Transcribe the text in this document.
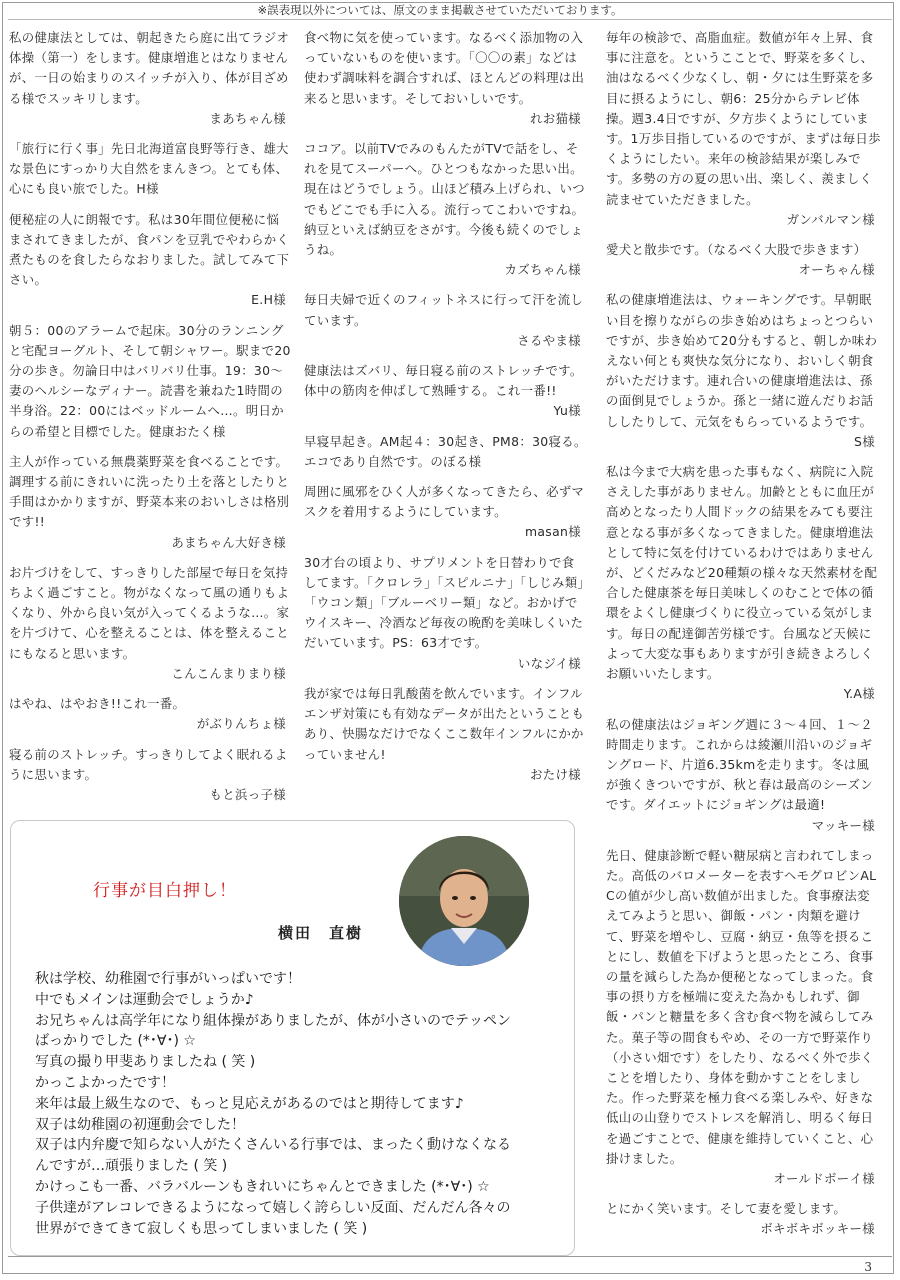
※誤表現以外については、原文のまま掲載させていただいております。
私の健康法としては、朝起きたら庭に出てラジオ体操（第一）をします。健康増進とはなりませんが、一日の始まりのスイッチが入り、体が目ざめる様でスッキリします。
まあちゃん様
「旅行に行く事」先日北海道富良野等行き、雄大な景色にすっかり大自然をまんきつ。とても体、心にも良い旅でした。H様
便秘症の人に朗報です。私は30年間位便秘に悩まされてきましたが、食パンを豆乳でやわらかく煮たものを食したらなおりました。試してみて下さい。
E.H様
朝５：00のアラームで起床。30分のランニングと宅配ヨーグルト、そして朝シャワー。駅まで20分の歩き。勿論日中はバリバリ仕事。19：30〜妻のヘルシーなディナー。読書を兼ねた1時間の半身浴。22：00にはベッドルームへ…。明日からの希望と目標でした。健康おたく様
主人が作っている無農薬野菜を食べることです。調理する前にきれいに洗ったり土を落としたりと手間はかかりますが、野菜本来のおいしさは格別です!!
あまちゃん大好き様
お片づけをして、すっきりした部屋で毎日を気持ちよく過ごすこと。物がなくなって風の通りもよくなり、外から良い気が入ってくるような…。家を片づけて、心を整えることは、体を整えることにもなると思います。
こんこんまりまり様
はやね、はやおき!!これ一番。
がぶりんちょ様
寝る前のストレッチ。すっきりしてよく眠れるように思います。
もと浜っ子様
食べ物に気を使っています。なるべく添加物の入っていないものを使います。「〇〇の素」などは使わず調味料を調合すれば、ほとんどの料理は出来ると思います。そしておいしいです。
れお猫様
ココア。以前TVでみのもんたがTVで話をし、それを見てスーパーへ。ひとつもなかった思い出。現在はどうでしょう。山ほど積み上げられ、いつでもどこでも手に入る。流行ってこわいですね。納豆といえば納豆をさがす。今後も続くのでしょうね。
カズちゃん様
毎日夫婦で近くのフィットネスに行って汗を流しています。
さるやま様
健康法はズバリ、毎日寝る前のストレッチです。体中の筋肉を伸ばして熟睡する。これ一番!!
Yu様
早寝早起き。AM起４：30起き、PM8：30寝る。エコであり自然です。のぼる様
周囲に風邪をひく人が多くなってきたら、必ずマスクを着用するようにしています。
masan様
30才台の頃より、サプリメントを日替わりで食してます。「クロレラ」「スピルニナ」「しじみ類」「ウコン類」「ブルーベリー類」など。おかげでウイスキー、冷酒など毎夜の晩酌を美味しくいただいています。PS：63才です。
いなジイ様
我が家では毎日乳酸菌を飲んでいます。インフルエンザ対策にも有効なデータが出たということもあり、快腸なだけでなくここ数年インフルにかかっていません!
おたけ様
毎年の検診で、高脂血症。数値が年々上昇、食事に注意を。というこことで、野菜を多くし、油はなるべく少なくし、朝・夕には生野菜を多目に摂るようにし、朝6：25分からテレビ体操。週3.4日ですが、夕方歩くようにしています。1万歩目指しているのですが、まずは毎日歩くようにしたい。来年の検診結果が楽しみです。多勢の方の夏の思い出、楽しく、羨ましく読ませていただきました。
ガンバルマン様
愛犬と散歩です。（なるべく大股で歩きます）
オーちゃん様
私の健康増進法は、ウォーキングです。早朝眠い目を擦りながらの歩き始めはちょっとつらいですが、歩き始めて20分もすると、朝しか味わえない何とも爽快な気分になり、おいしく朝食がいただけます。連れ合いの健康増進法は、孫の面倒見でしょうか。孫と一緒に遊んだりお話ししたりして、元気をもらっているようです。
S様
私は今まで大病を患った事もなく、病院に入院さえした事がありません。加齢とともに血圧が高めとなったり人間ドックの結果をみても要注意となる事が多くなってきました。健康増進法として特に気を付けているわけではありませんが、どくだみなど20種類の様々な天然素材を配合した健康茶を毎日美味しくのむことで体の循環をよくし健康づくりに役立っている気がします。毎日の配達御苦労様です。台風など天候によって大変な事もありますが引き続きよろしくお願いいたします。
Y.A様
私の健康法はジョギング週に３〜４回、１〜２時間走ります。これからは綾瀬川沿いのジョギングロード、片道6.35kmを走ります。冬は風が強くきついですが、秋と春は最高のシーズンです。ダイエットにジョギングは最適!
マッキー様
先日、健康診断で軽い糖尿病と言われてしまった。高低のバロメーターを表すヘモグロビンALCの値が少し高い数値が出ました。食事療法変えてみようと思い、御飯・パン・肉類を避けて、野菜を増やし、豆腐・納豆・魚等を摂ることにし、数値を下げようと思ったところ、食事の量を減らした為か便秘となってしまった。食事の摂り方を極端に変えた為かもしれず、御飯・パンと糖量を多く含む食べ物を減らしてみた。菓子等の間食もやめ、その一方で野菜作り（小さい畑です）をしたり、なるべく外で歩くことを増したり、身体を動かすことをしました。作った野菜を極力食べる楽しみや、好きな低山の山登りでストレスを解消し、明るく毎日を過ごすことで、健康を維持していくこと、心掛けました。
オールドボーイ様
とにかく笑います。そして妻を愛します。
ボキボキボッキー様
行事が目白押し！
横田　直樹
秋は学校、幼稚園で行事がいっぱいです！
中でもメインは運動会でしょうか♪
お兄ちゃんは高学年になり組体操がありましたが、体が小さいのでテッペン
ばっかりでした (*･∀･) ☆
写真の撮り甲斐ありましたね ( 笑 )
かっこよかったです！
来年は最上級生なので、もっと見応えがあるのではと期待してます♪
双子は幼稚園の初運動会でした！
双子は内弁慶で知らない人がたくさんいる行事では、まったく動けなくなる
んですが…頑張りました ( 笑 )
かけっこも一番、バラバルーンもきれいにちゃんとできました (*･∀･) ☆
子供達がアレコレできるようになって嬉しく誇らしい反面、だんだん各々の
世界ができてきて寂しくも思ってしまいました ( 笑 )
3
